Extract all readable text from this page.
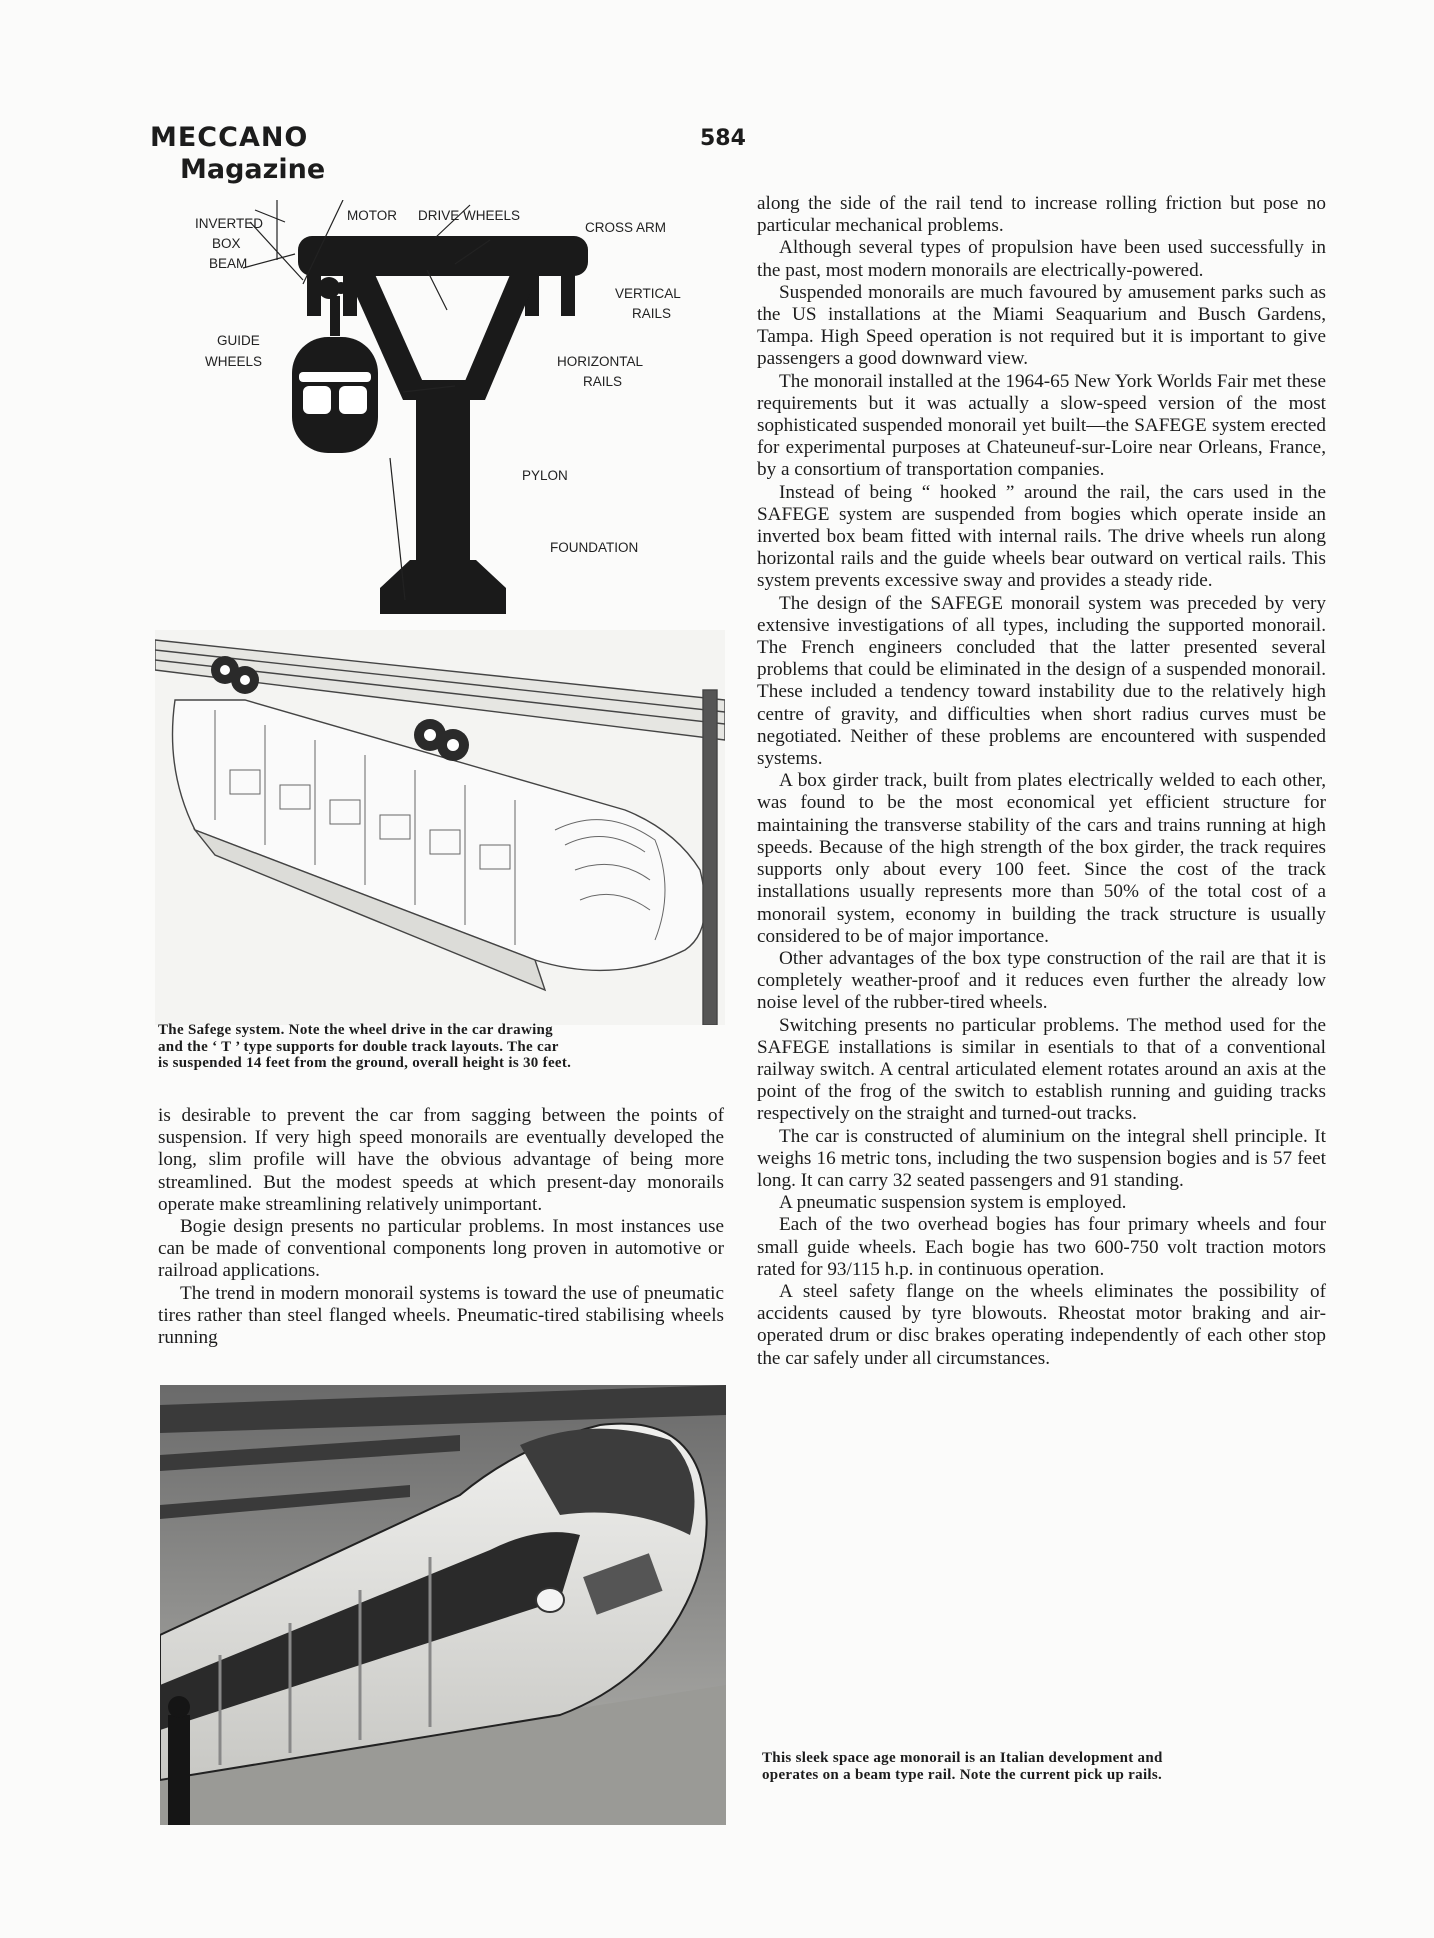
MECCANO
Magazine
584
INVERTED
BOX
BEAM
MOTOR DRIVE WHEELS
CROSS ARM
VERTICAL
RAILS
GUIDE
WHEELS	HORIZONTAL
RAILS
PYLON
FOUNDATION
The Safege system. Note the wheel drive in the car drawing
and the ‘ T ’ type supports for double track layouts. The car
is suspended 14 feet from the ground, overall height is 30 feet.

is desirable to prevent the car from sagging between the points of suspension. If very high speed monorails are eventually developed the long, slim profile will have the obvious advantage of being more streamlined. But the modest speeds at which present-day monorails operate make streamlining relatively unimportant.

Bogie design presents no particular problems. In most instances use can be made of conventional components long proven in automotive or railroad applications.

The trend in modern monorail systems is toward the use of pneumatic tires rather than steel flanged wheels. Pneumatic-tired stabilising wheels running

along the side of the rail tend to increase rolling friction but pose no particular mechanical problems.

Although several types of propulsion have been used successfully in the past, most modern monorails are electrically-powered.

Suspended monorails are much favoured by amusement parks such as the US installations at the Miami Seaquarium and Busch Gardens, Tampa. High Speed operation is not required but it is important to give passengers a good downward view.

The monorail installed at the 1964-65 New York Worlds Fair met these requirements but it was actually a slow-speed version of the most sophisticated suspended monorail yet built—the SAFEGE system erected for experimental purposes at Chateuneuf-sur-Loire near Orleans, France, by a consortium of transportation companies.

Instead of being “ hooked ” around the rail, the cars used in the SAFEGE system are suspended from bogies which operate inside an inverted box beam fitted with internal rails. The drive wheels run along horizontal rails and the guide wheels bear outward on vertical rails. This system prevents excessive sway and provides a steady ride.

The design of the SAFEGE monorail system was preceded by very extensive investigations of all types, including the supported monorail. The French engineers concluded that the latter presented several problems that could be eliminated in the design of a suspended monorail. These included a tendency toward instability due to the relatively high centre of gravity, and difficulties when short radius curves must be negotiated. Neither of these problems are encountered with suspended systems.

A box girder track, built from plates electrically welded to each other, was found to be the most economical yet efficient structure for maintaining the transverse stability of the cars and trains running at high speeds. Because of the high strength of the box girder, the track requires supports only about every 100 feet. Since the cost of the track installations usually represents more than 50% of the total cost of a monorail system, economy in building the track structure is usually considered to be of major importance.

Other advantages of the box type construction of the rail are that it is completely weather-proof and it reduces even further the already low noise level of the rubber-tired wheels.

Switching presents no particular problems. The method used for the SAFEGE installations is similar in esentials to that of a conventional railway switch. A central articulated element rotates around an axis at the point of the frog of the switch to establish running and guiding tracks respectively on the straight and turned-out tracks.

The car is constructed of aluminium on the integral shell principle. It weighs 16 metric tons, including the two suspension bogies and is 57 feet long. It can carry 32 seated passengers and 91 standing.

A pneumatic suspension system is employed.

Each of the two overhead bogies has four primary wheels and four small guide wheels. Each bogie has two 600-750 volt traction motors rated for 93/115 h.p. in continuous operation.

A steel safety flange on the wheels eliminates the possibility of accidents caused by tyre blowouts. Rheostat motor braking and air-operated drum or disc brakes operating independently of each other stop the car safely under all circumstances.

This sleek space age monorail is an Italian development and
operates on a beam type rail. Note the current pick up rails.
